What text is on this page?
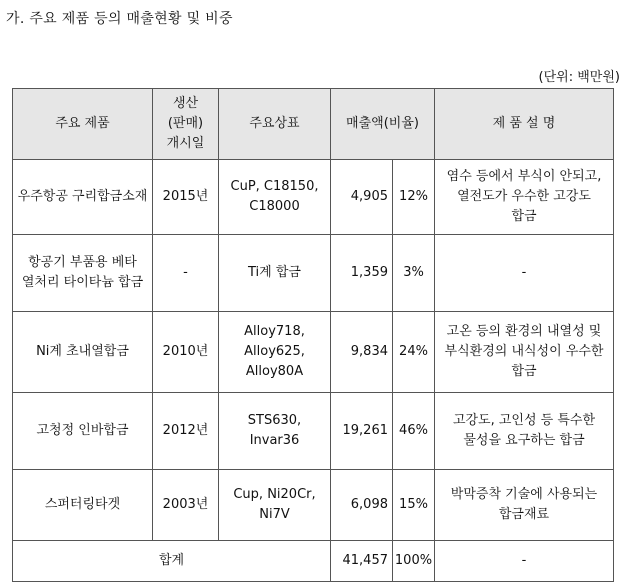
가. 주요 제품 등의 매출현황 및 비중
(단위: 백만원)
주요 제품	생산(판매) 개시일	주요상표	매출액(비율)		제 품 설 명
우주항공 구리합금소재	2015년	CuP, C18150, C18000	4,905	12%	염수 등에서 부식이 안되고, 열전도가 우수한 고강도 합금
항공기 부품용 베타 열처리 타이타늄 합금	-	Ti계 합금	1,359	3%	-
Ni계 초내열합금	2010년	Alloy718, Alloy625, Alloy80A	9,834	24%	고온 등의 환경의 내열성 및 부식환경의 내식성이 우수한 합금
고청정 인바합금	2012년	STS630, Invar36	19,261	46%	고강도, 고인성 등 특수한 물성을 요구하는 합금
스퍼터링타겟	2003년	Cup, Ni20Cr, Ni7V	6,098	15%	박막증착 기술에 사용되는 합금재료
합계			41,457	100%	-
